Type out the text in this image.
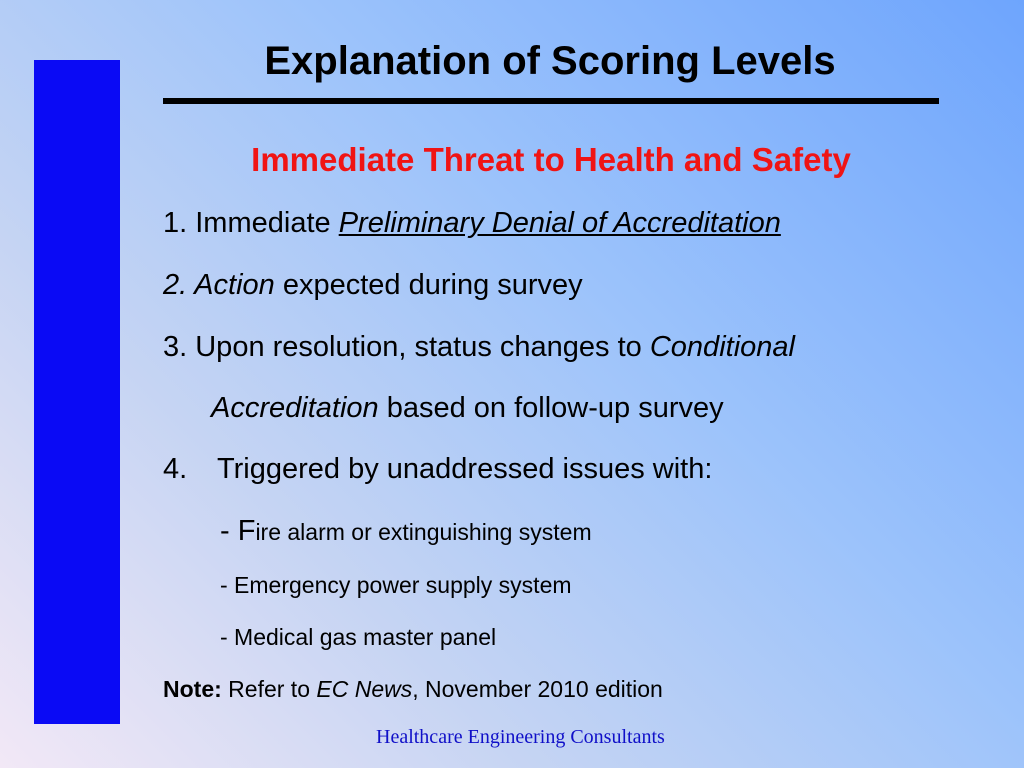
Explanation of Scoring Levels
Immediate Threat to Health and Safety
1. Immediate Preliminary Denial of Accreditation
2. Action expected during survey
3. Upon resolution, status changes to Conditional
Accreditation based on follow-up survey
4. Triggered by unaddressed issues with:
- Fire alarm or extinguishing system
- Emergency power supply system
- Medical gas master panel
Note: Refer to EC News, November 2010 edition
Healthcare Engineering Consultants
